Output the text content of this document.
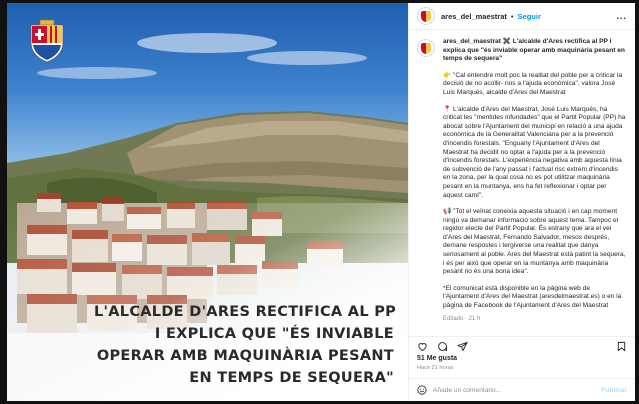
L'ALCALDE D'ARES RECTIFICA AL PP
I EXPLICA QUE "ÉS INVIABLE
OPERAR AMB MAQUINÀRIA PESANT
EN TEMPS DE SEQUERA"
ares_del_maestrat • Seguir	...

ares_del_maestrat ✖️ L'alcalde d'Ares rectifica al PP i explica que "és inviable operar amb maquinària pesant en temps de sequera"

👉 "Cal entendre molt poc la realitat del poble per a criticar la decisió de no acollir- nos a l'ajuda econòmica", valora José Luis Marqués, alcalde d'Ares del Maestrat

📍 L'alcalde d'Ares del Maestrat, José Luis Marqués, ha criticat les "mentides infundades" que el Partit Popular (PP) ha abocat sobre l'Ajuntament del municipi en relació a una ajuda econòmica de la Generalitat Valenciana per a la prevenció d'incendis forestals. "Enguany l'Ajuntament d'Ares del Maestrat ha decidit no optar a l'ajuda per a la prevenció d'incendis forestals. L'experiència negativa amb aquesta línia de subvenció de l'any passat i l'actual risc extrem d'incendis en la zona, per la qual cosa no es pot utilitzar maquinària pesant en la muntanya, ens ha fet reflexionar i optar per aquest camí".

📢 "Tot el veïnat coneixia aquesta situació i en cap moment ningú va demanar informació sobre aquest tema. Tampoc el regidor electe del Partit Popular. És estrany que ara el vei d'Ares del Maestrat, Fernando Salvador, mesos després, demane respostes i tergiverse una realitat que danya seriosament al poble. Ares del Maestrat està patint la sequera, i és per això que operar en la muntanya amb maquinària pesant no és una bona idea".

*El comunicat està disponible en la pàgina web de l'Ajuntament d'Ares del Maestrat (aresdelmaestrat.es) o en la pàgina de Facebook de l'Ajuntament d'Ares del Maestrat

Editado · 21 h
51 Me gusta
Hace 21 horas
Añade un comentario...
Publicar
